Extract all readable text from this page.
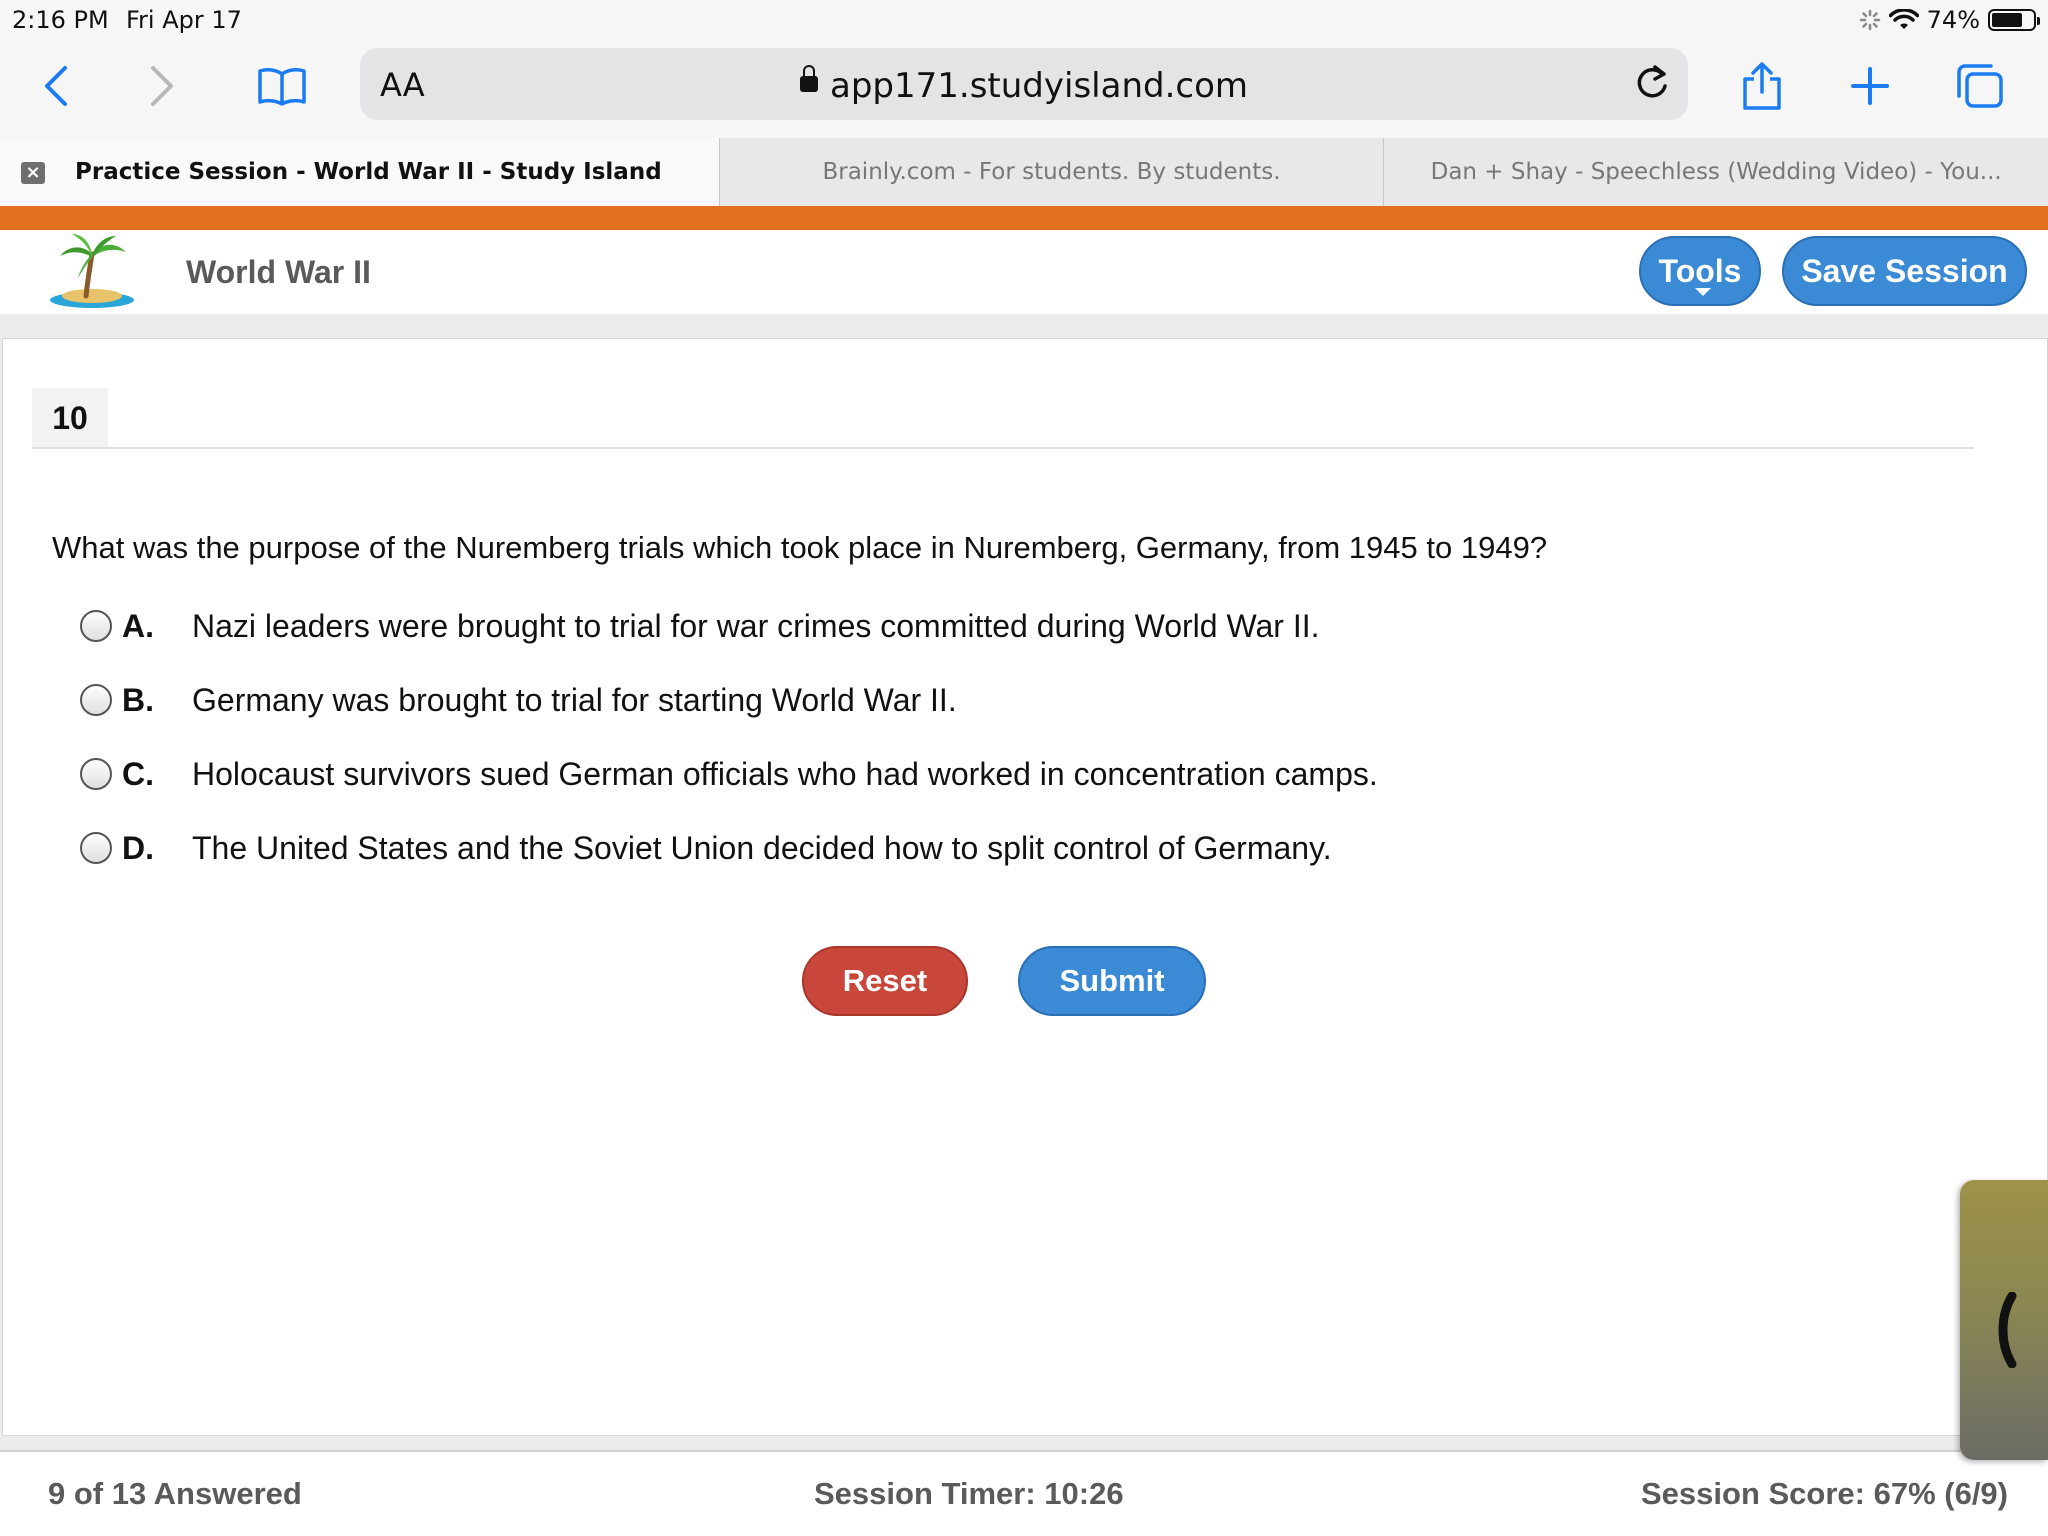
2:16 PM Fri Apr 17	74%
AA	app171.studyisland.com
× Practice Session - World War II - Study Island	Brainly.com - For students. By students.	Dan + Shay - Speechless (Wedding Video) - You...
World War II	Tools	Save Session
10
What was the purpose of the Nuremberg trials which took place in Nuremberg, Germany, from 1945 to 1949?
A.	Nazi leaders were brought to trial for war crimes committed during World War II.
B.	Germany was brought to trial for starting World War II.
C.	Holocaust survivors sued German officials who had worked in concentration camps.
D.	The United States and the Soviet Union decided how to split control of Germany.
Reset	Submit
9 of 13 Answered	Session Timer: 10:26	Session Score: 67% (6/9)
